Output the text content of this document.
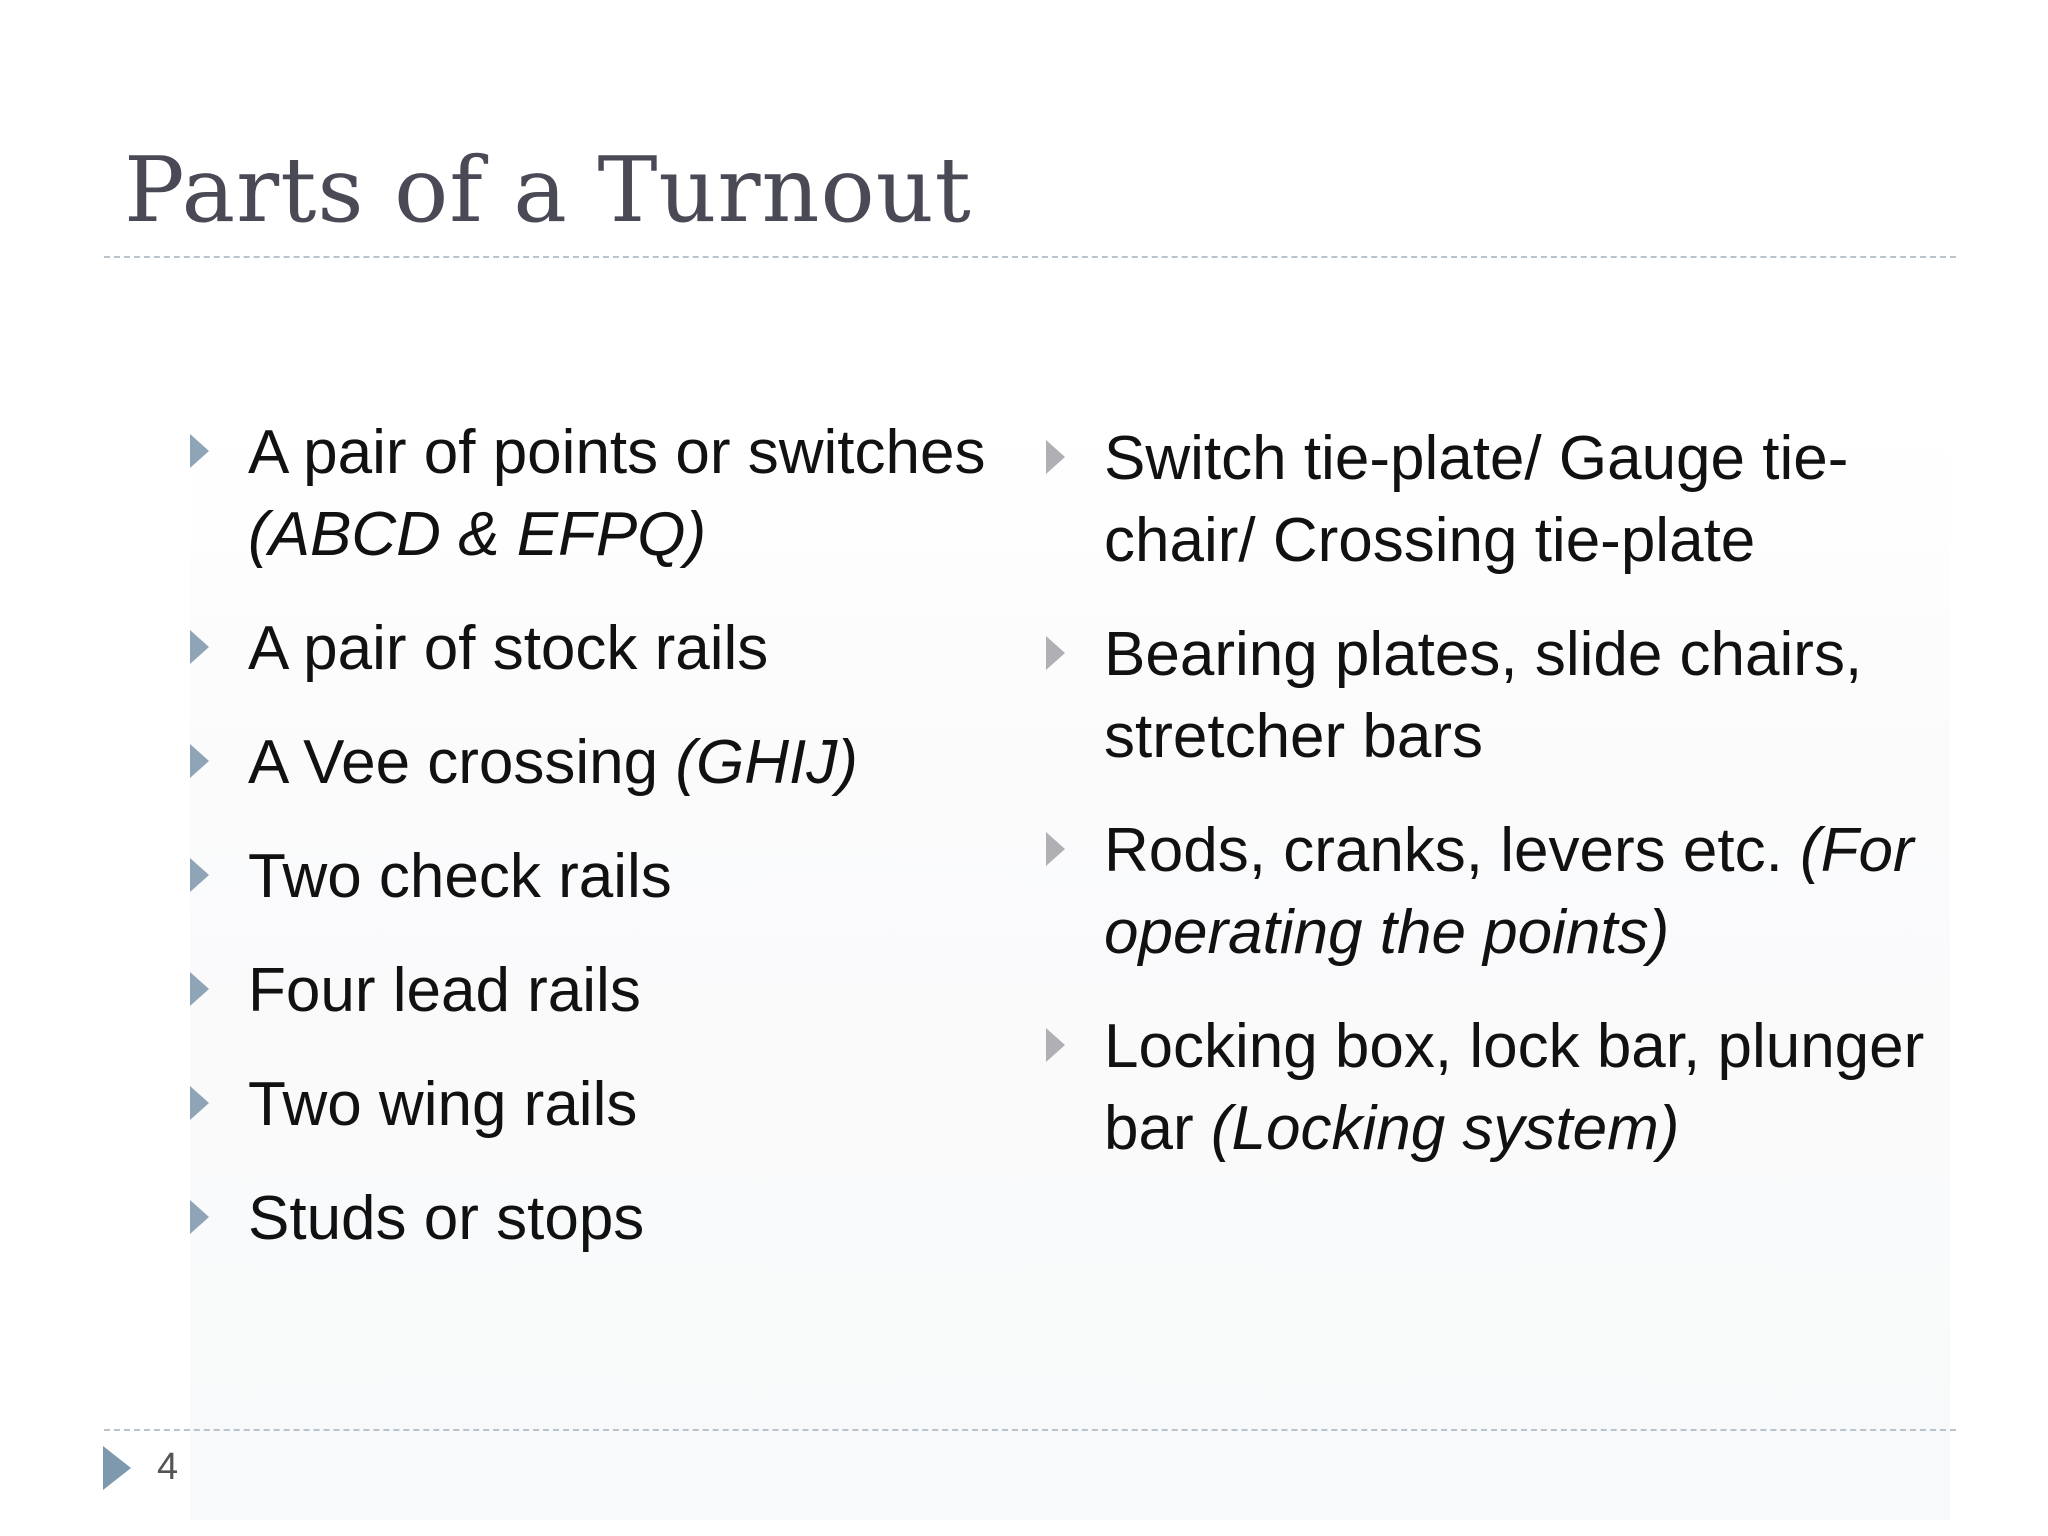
Parts of a Turnout
A pair of points or switches (ABCD & EFPQ)
A pair of stock rails
A Vee crossing (GHIJ)
Two check rails
Four lead rails
Two wing rails
Studs or stops
Switch tie-plate/ Gauge tie-chair/ Crossing tie-plate
Bearing plates, slide chairs, stretcher bars
Rods, cranks, levers etc. (For operating the points)
Locking box, lock bar, plunger bar (Locking system)
4
